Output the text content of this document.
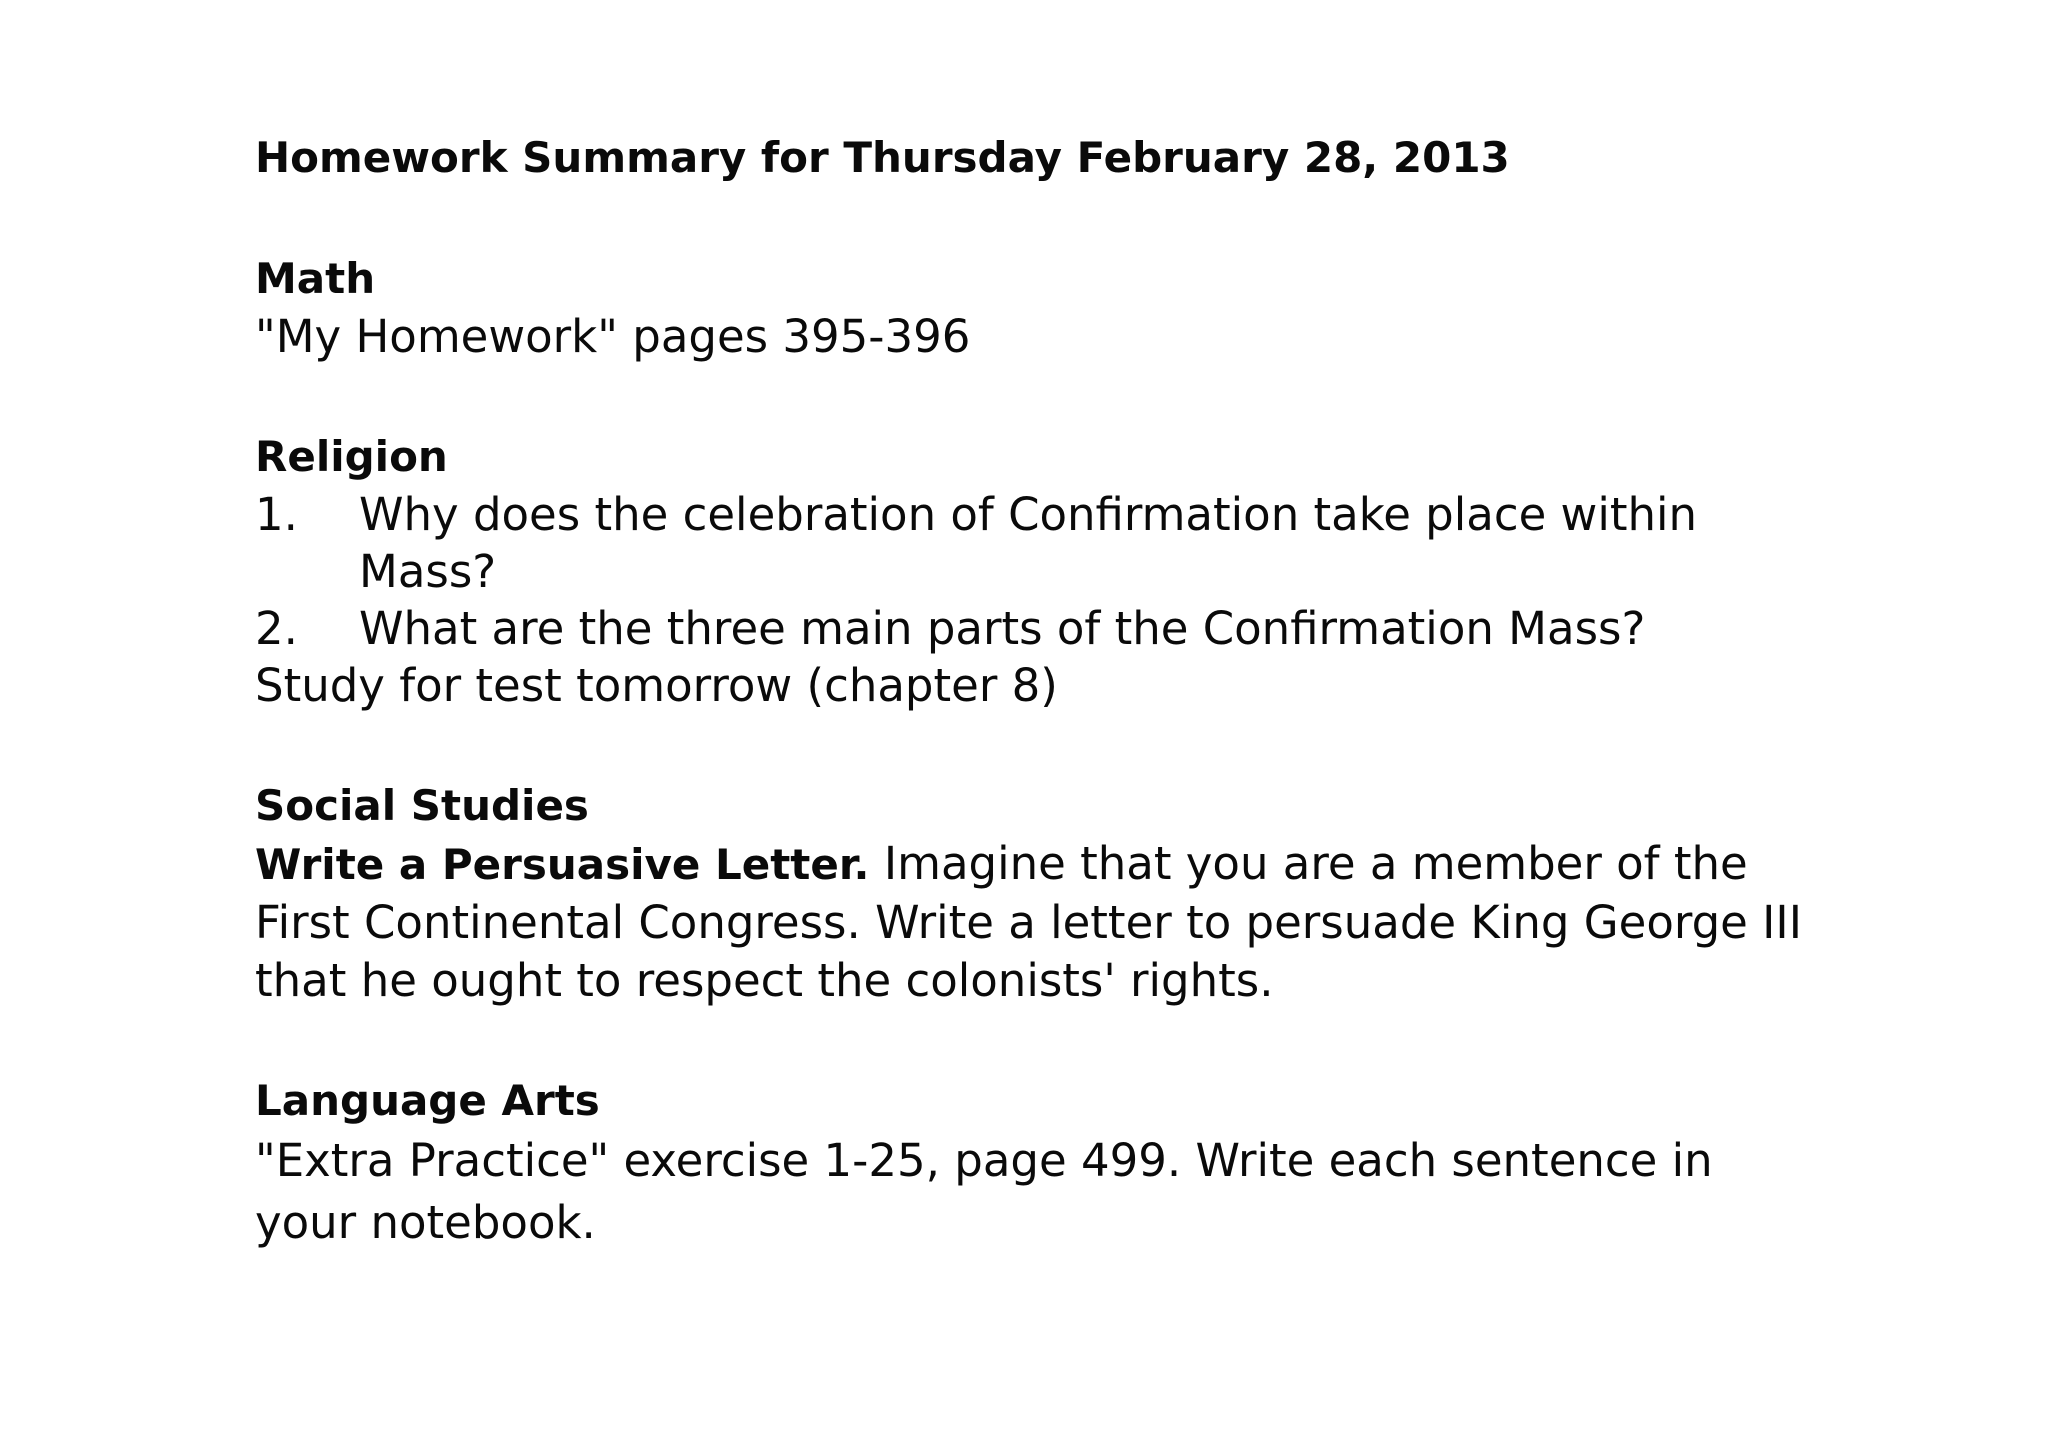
Homework Summary for Thursday February 28, 2013

Math

"My Homework" pages 395-396

Religion

1.	Why does the celebration of Confirmation take place within Mass?
2.	What are the three main parts of the Confirmation Mass?

Study for test tomorrow (chapter 8)

Social Studies

Write a Persuasive Letter. Imagine that you are a member of the First Continental Congress. Write a letter to persuade King George III that he ought to respect the colonists' rights.

Language Arts

"Extra Practice" exercise 1-25, page 499. Write each sentence in your notebook.
